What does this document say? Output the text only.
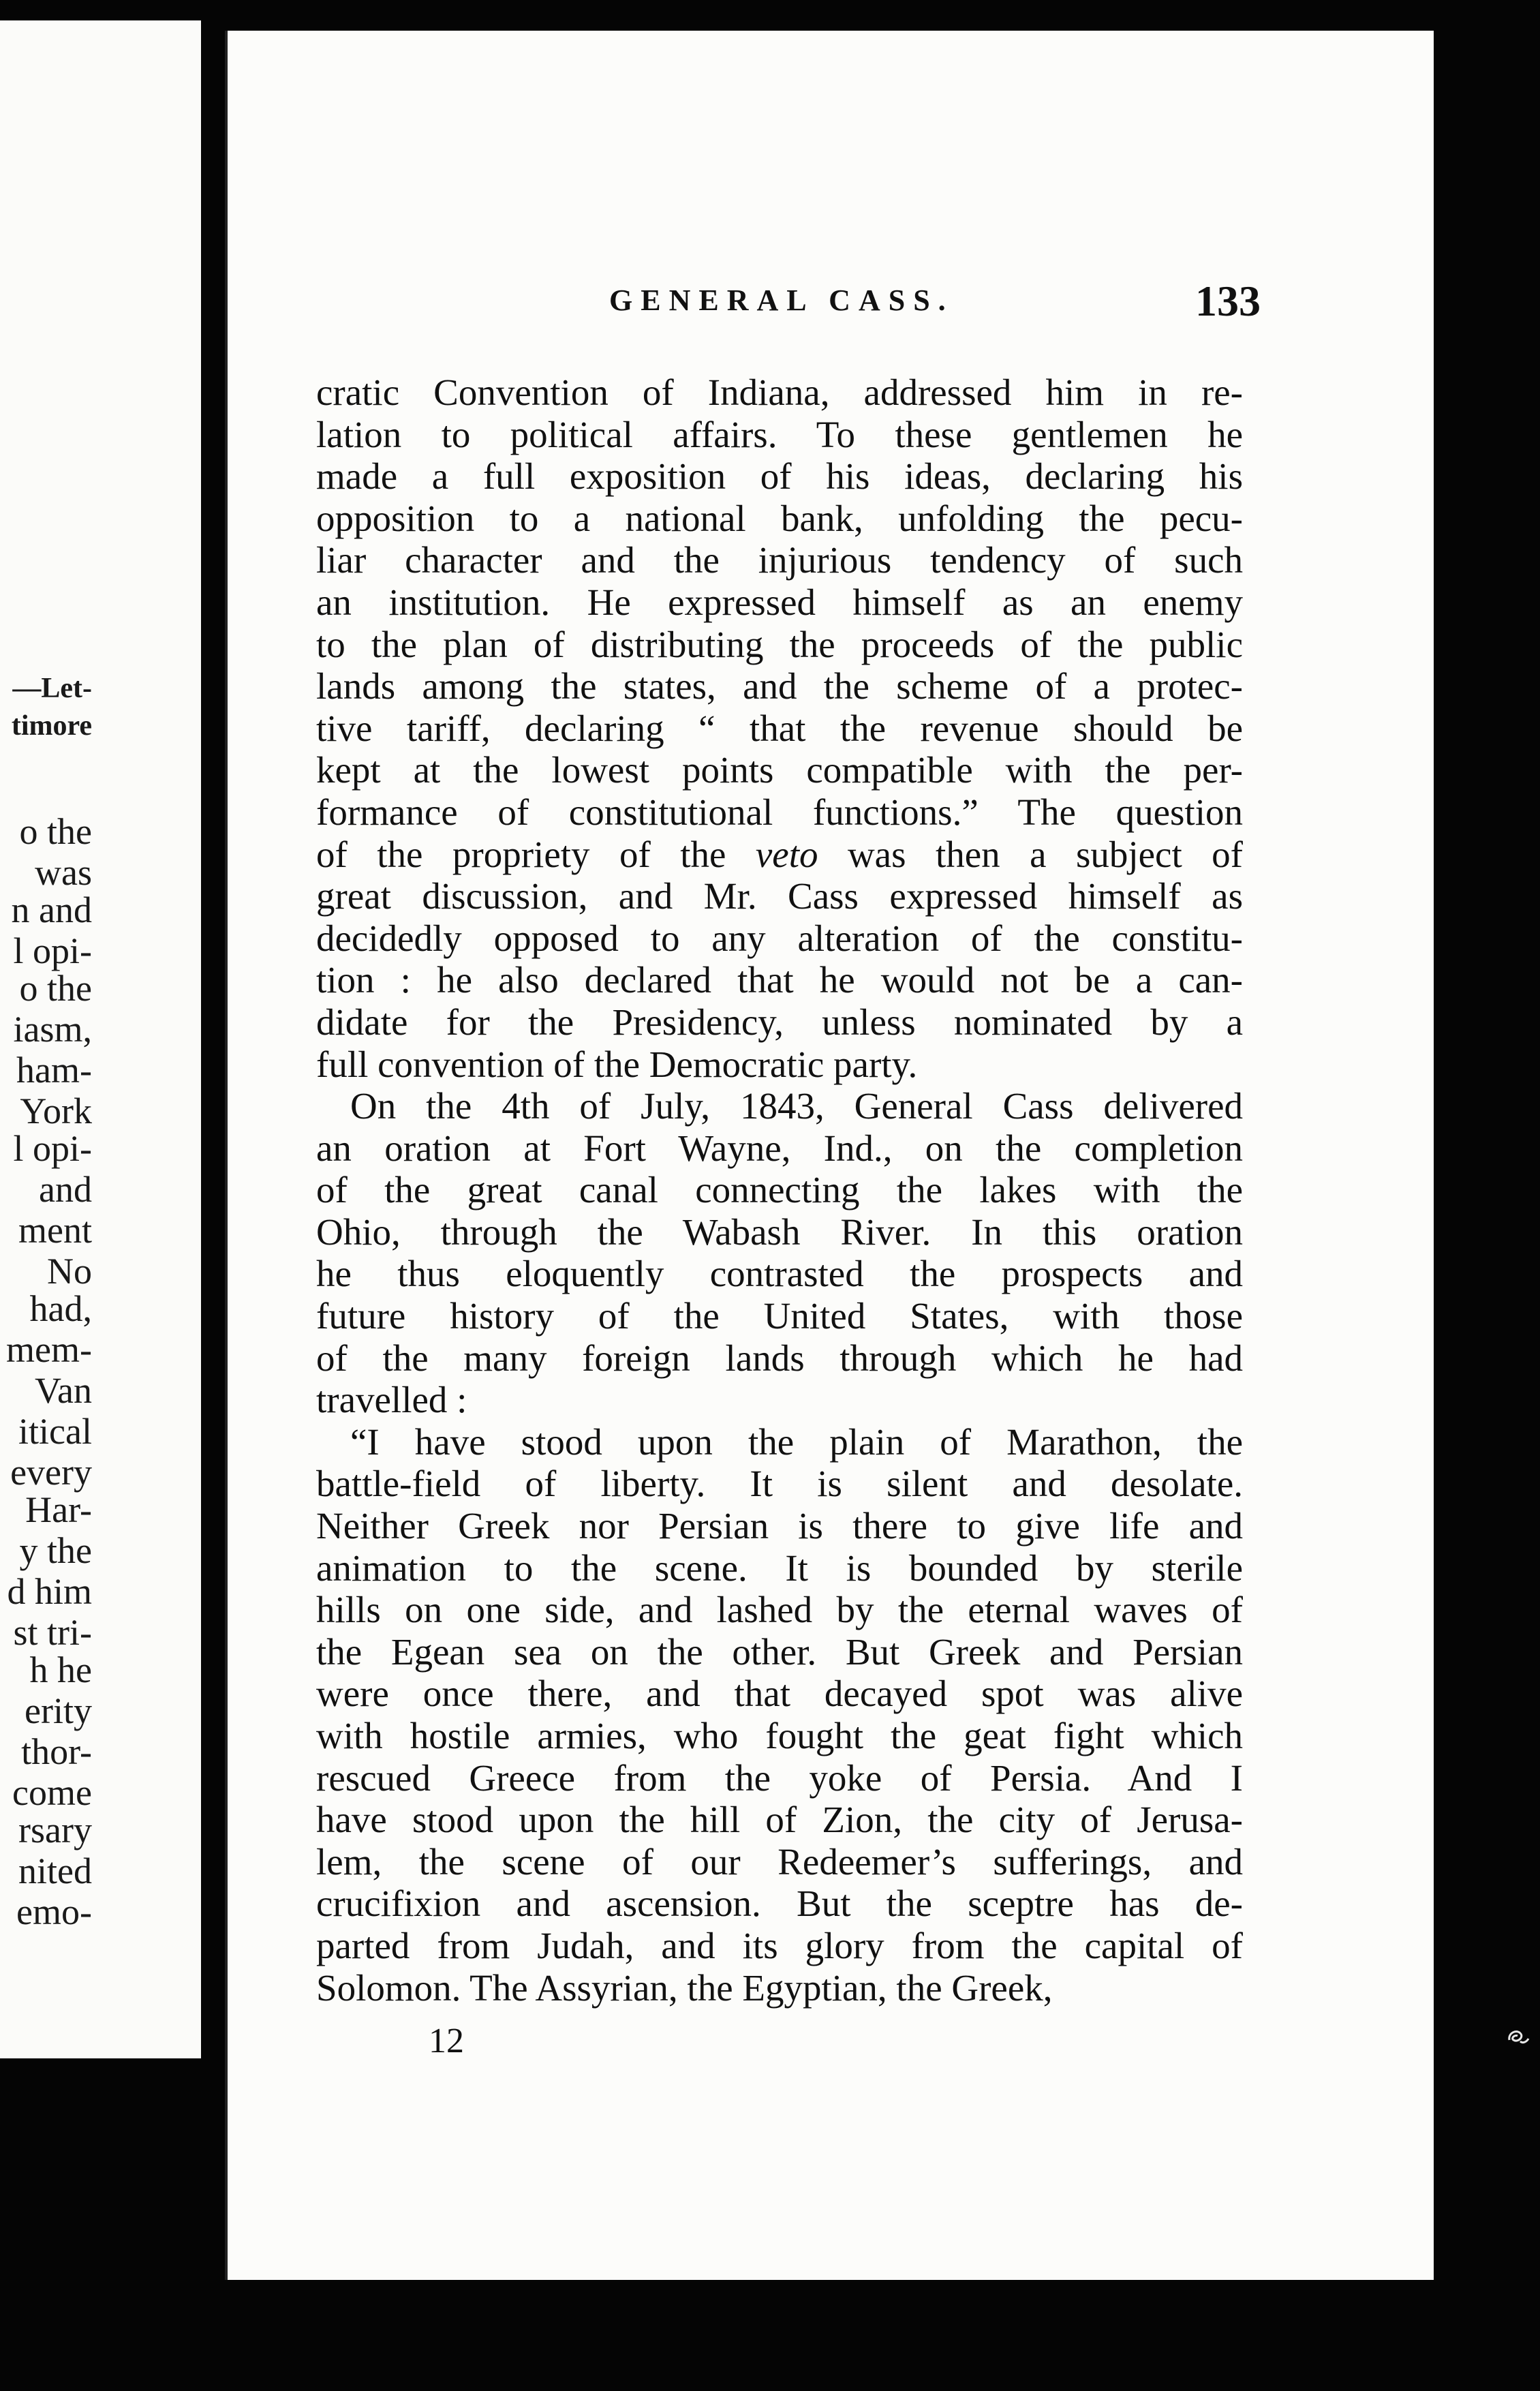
—Let-
timore
o the
was
n and
l opi-
o the
iasm,
ham-
York
l opi-
and
ment
No
had,
mem-
Van
itical
every
Har-
y the
d him
st tri-
h he
erity
thor-
come
rsary
nited
emo-
GENERAL CASS.	133
cratic Convention of Indiana, addressed him in re-
lation to political affairs. To these gentlemen he
made a full exposition of his ideas, declaring his
opposition to a national bank, unfolding the pecu-
liar character and the injurious tendency of such
an institution. He expressed himself as an enemy
to the plan of distributing the proceeds of the public
lands among the states, and the scheme of a protec-
tive tariff, declaring “ that the revenue should be
kept at the lowest points compatible with the per-
formance of constitutional functions.” The question
of the propriety of the veto was then a subject of
great discussion, and Mr. Cass expressed himself as
decidedly opposed to any alteration of the constitu-
tion : he also declared that he would not be a can-
didate for the Presidency, unless nominated by a
full convention of the Democratic party.
On the 4th of July, 1843, General Cass delivered
an oration at Fort Wayne, Ind., on the completion
of the great canal connecting the lakes with the
Ohio, through the Wabash River. In this oration
he thus eloquently contrasted the prospects and
future history of the United States, with those
of the many foreign lands through which he had
travelled :
“I have stood upon the plain of Marathon, the
battle-field of liberty. It is silent and desolate.
Neither Greek nor Persian is there to give life and
animation to the scene. It is bounded by sterile
hills on one side, and lashed by the eternal waves of
the Egean sea on the other. But Greek and Persian
were once there, and that decayed spot was alive
with hostile armies, who fought the geat fight which
rescued Greece from the yoke of Persia. And I
have stood upon the hill of Zion, the city of Jerusa-
lem, the scene of our Redeemer’s sufferings, and
crucifixion and ascension. But the sceptre has de-
parted from Judah, and its glory from the capital of
Solomon. The Assyrian, the Egyptian, the Greek,
12
